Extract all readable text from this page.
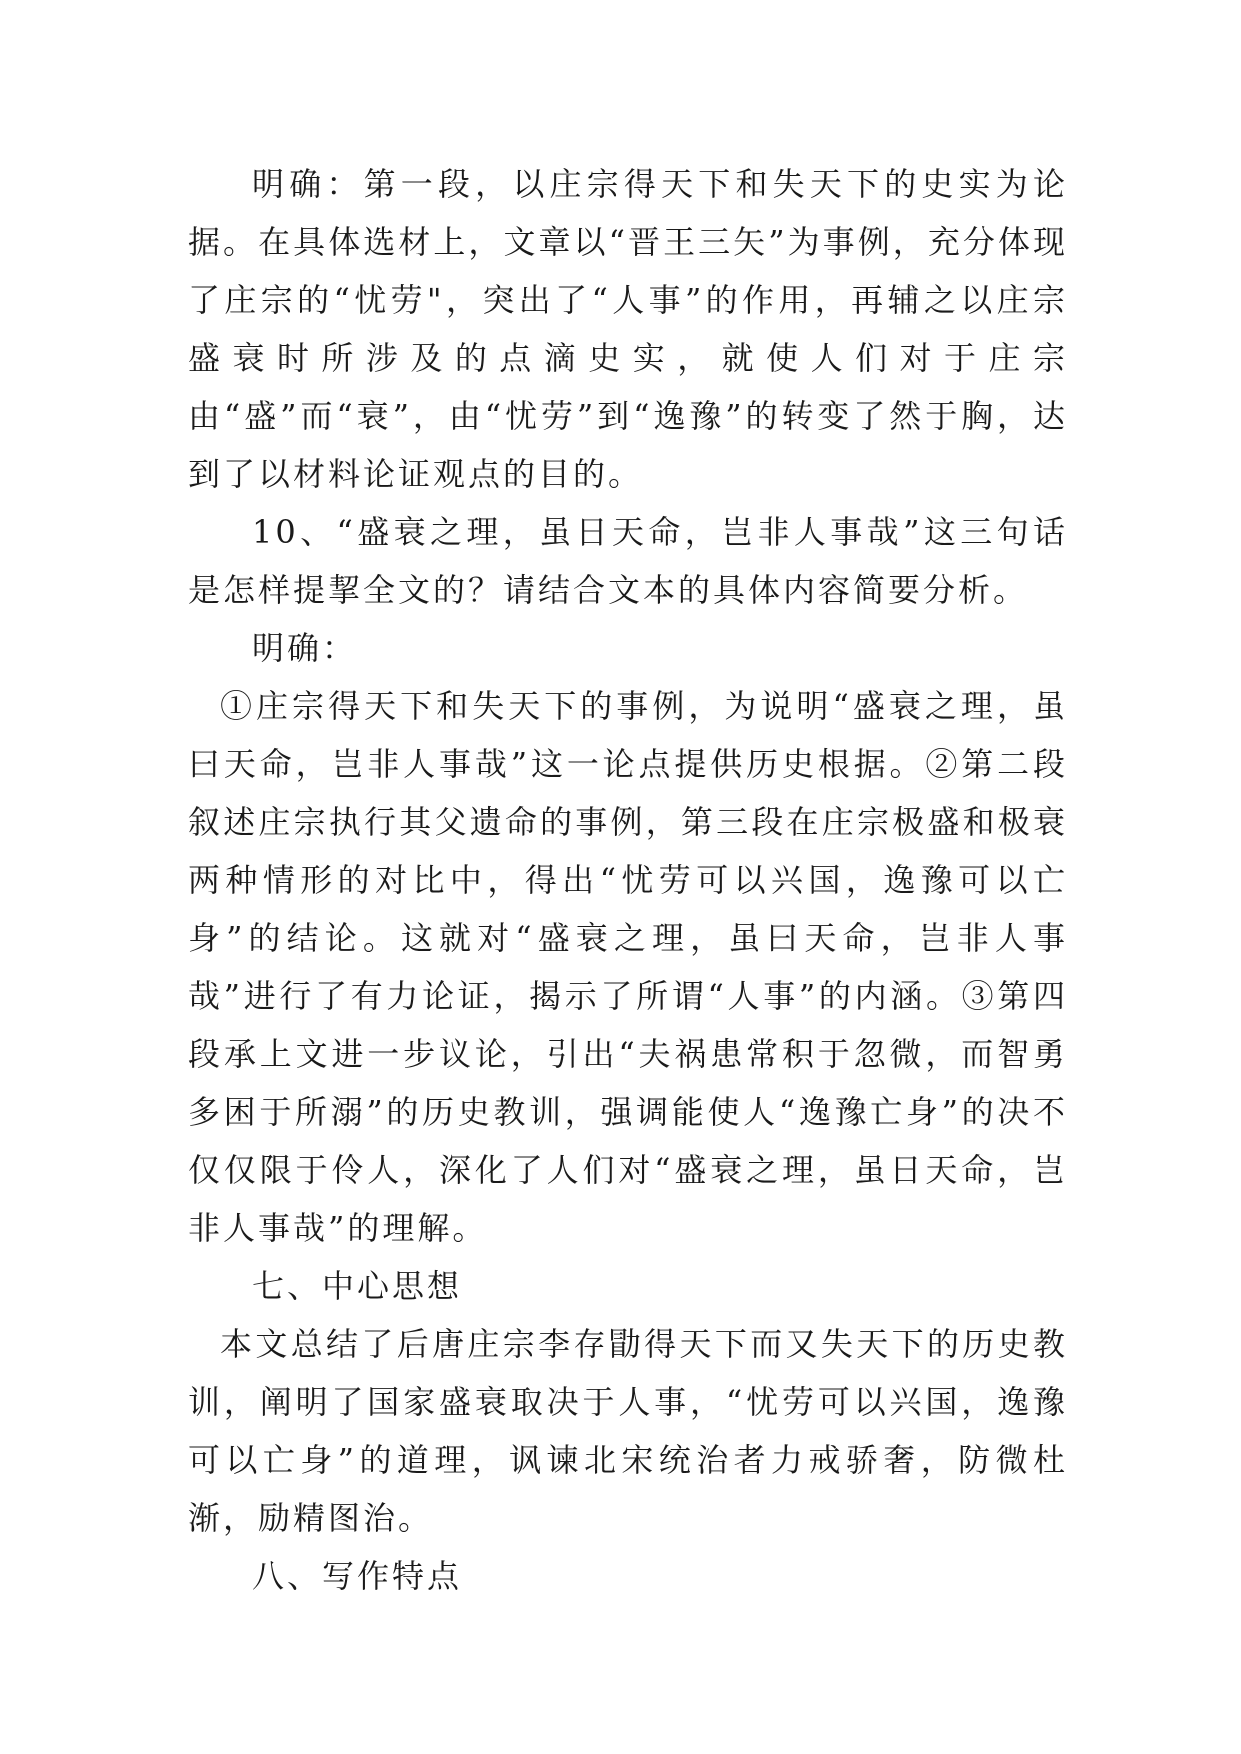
明确：第一段，以庄宗得天下和失天下的史实为论据。在具体选材上，文章以“晋王三矢”为事例，充分体现了庄宗的“忧劳"，突出了“人事”的作用，再辅之以庄宗盛衰时所涉及的点滴史实，就使人们对于庄宗由“盛”而“衰”，由“忧劳”到“逸豫”的转变了然于胸，达到了以材料论证观点的目的。

10、“盛衰之理，虽日天命，岂非人事哉”这三句话是怎样提挈全文的？请结合文本的具体内容简要分析。

明确：

①庄宗得天下和失天下的事例，为说明“盛衰之理，虽曰天命，岂非人事哉”这一论点提供历史根据。②第二段叙述庄宗执行其父遗命的事例，第三段在庄宗极盛和极衰两种情形的对比中，得出“忧劳可以兴国，逸豫可以亡身”的结论。这就对“盛衰之理，虽曰天命，岂非人事哉”进行了有力论证，揭示了所谓“人事”的内涵。③第四段承上文进一步议论，引出“夫祸患常积于忽微，而智勇多困于所溺”的历史教训，强调能使人“逸豫亡身”的决不仅仅限于伶人，深化了人们对“盛衰之理，虽日天命，岂非人事哉”的理解。

七、中心思想

本文总结了后唐庄宗李存勖得天下而又失天下的历史教训，阐明了国家盛衰取决于人事，“忧劳可以兴国，逸豫可以亡身”的道理，讽谏北宋统治者力戒骄奢，防微杜渐，励精图治。

八、写作特点
